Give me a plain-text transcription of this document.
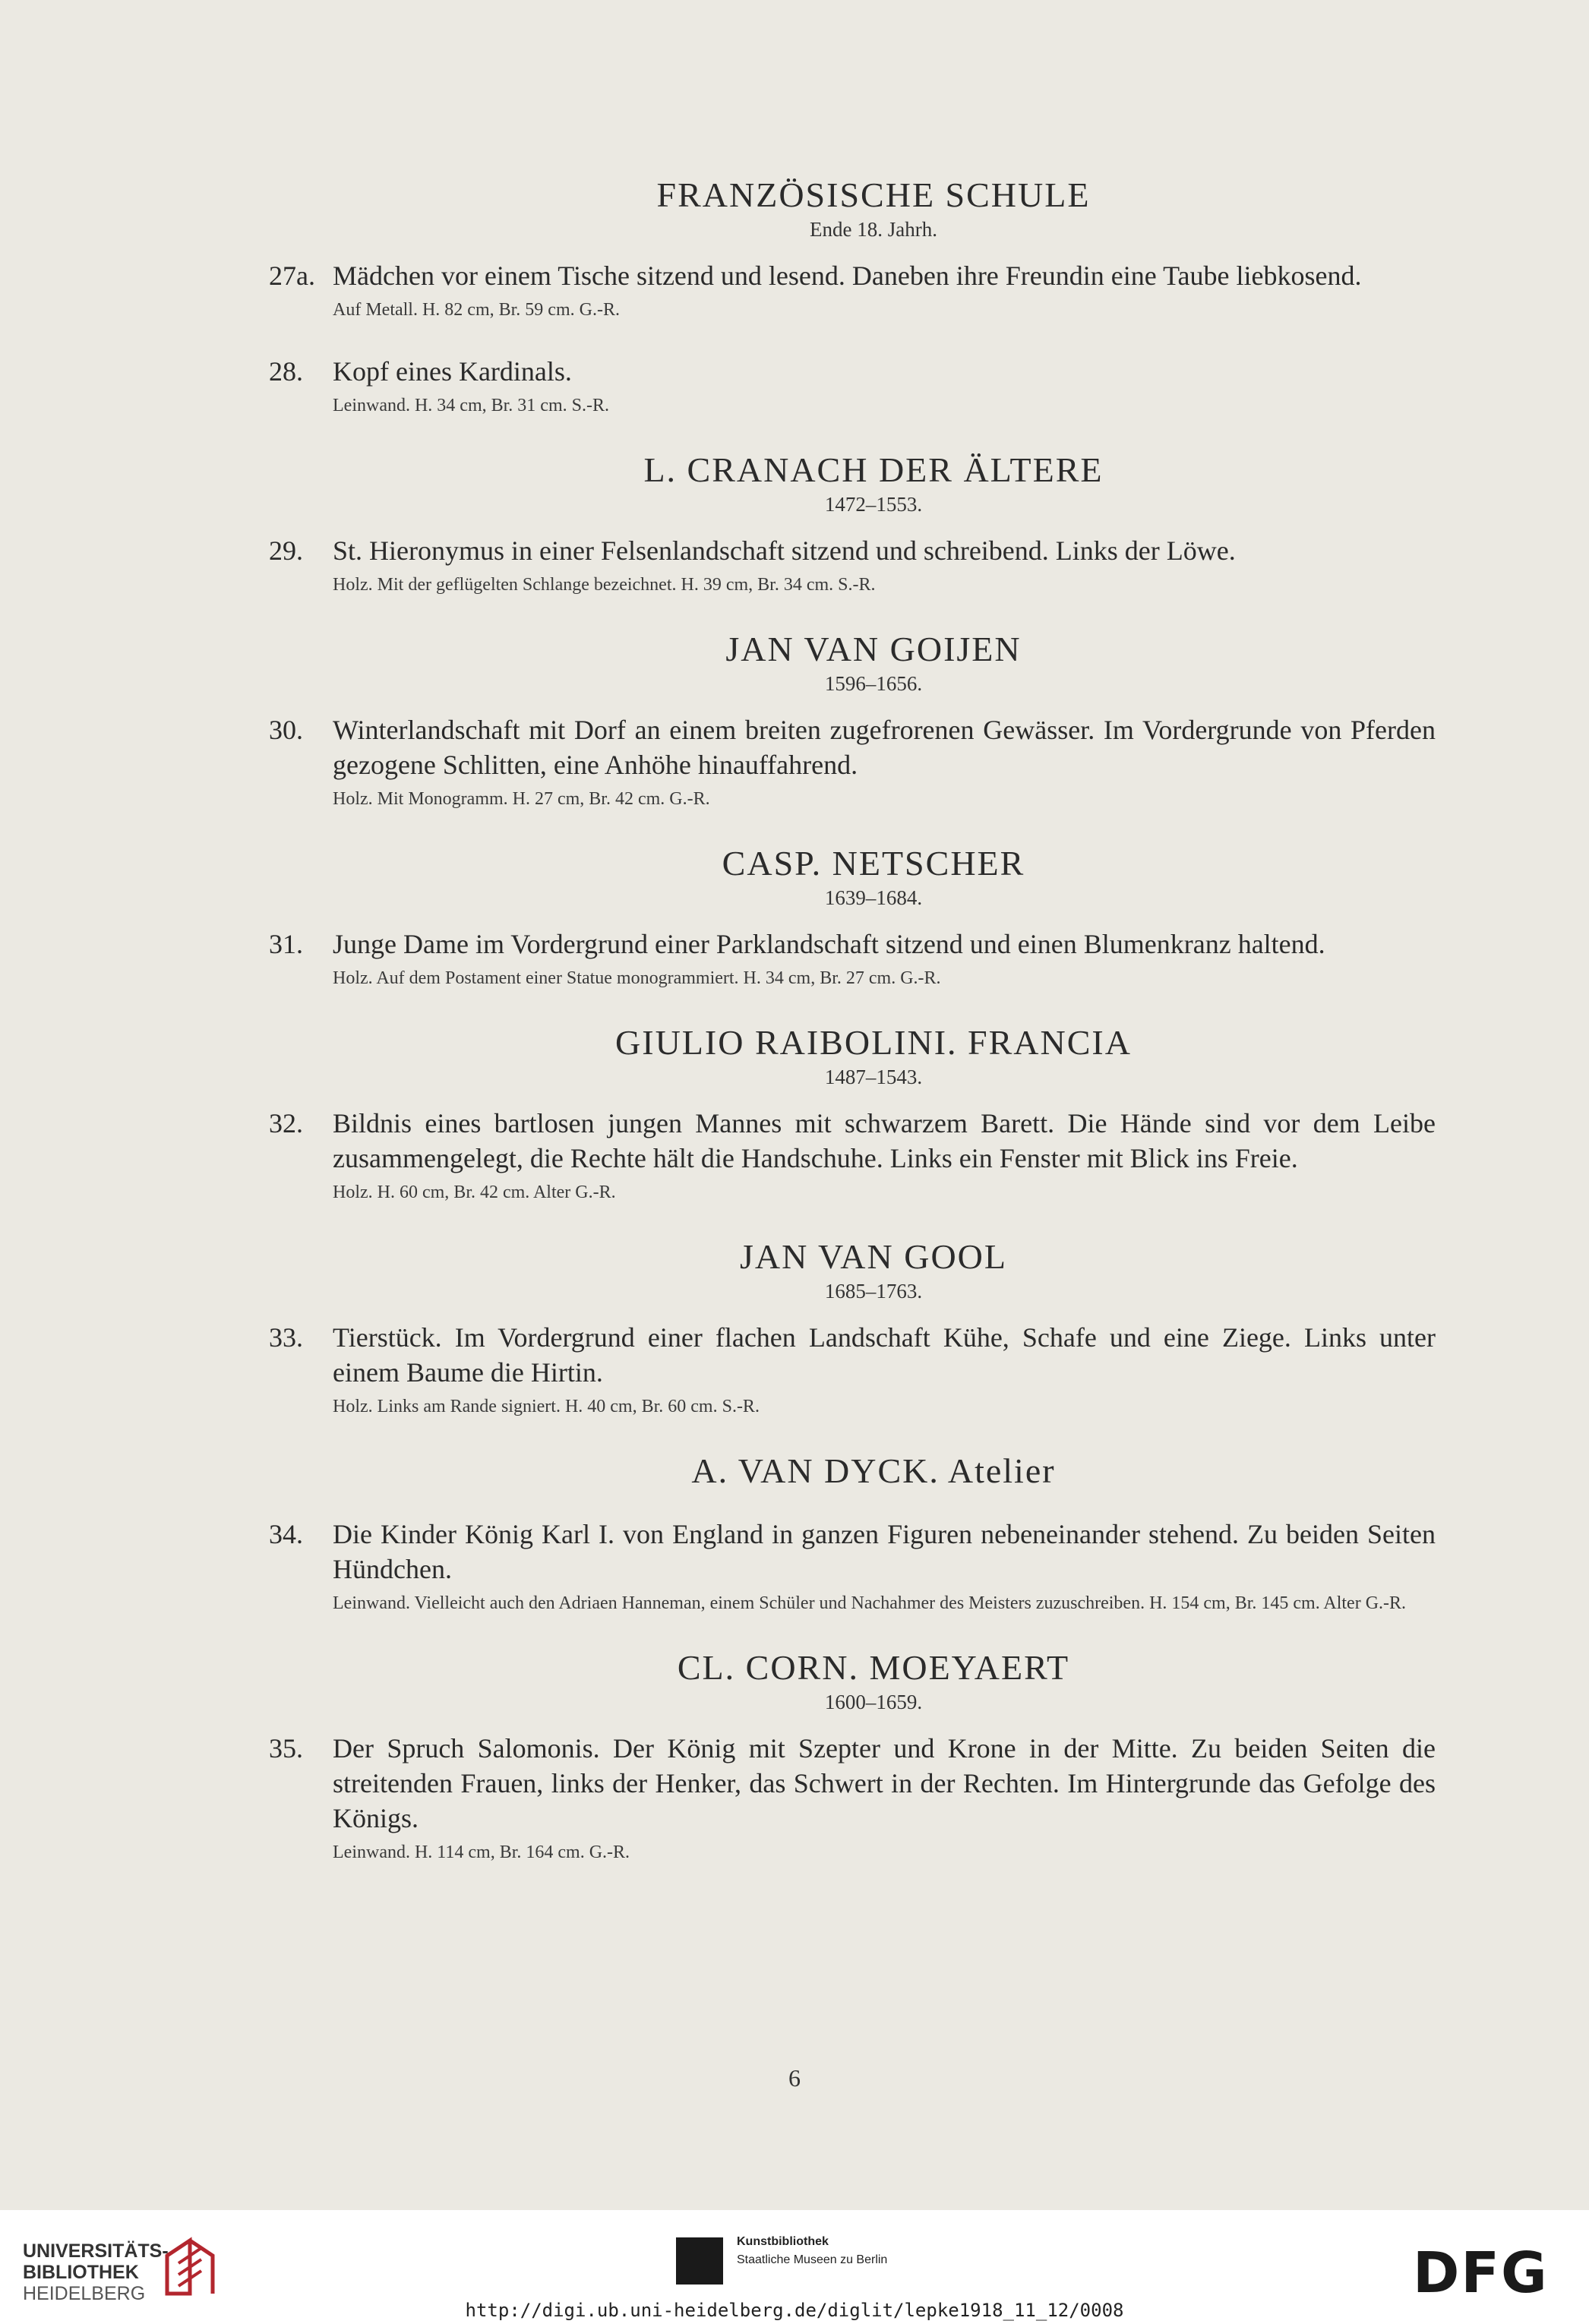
FRANZÖSISCHE SCHULE
Ende 18. Jahrh.
27a. Mädchen vor einem Tische sitzend und lesend. Daneben ihre Freundin eine Taube liebkosend.
Auf Metall. H. 82 cm, Br. 59 cm. G.-R.
28.	Kopf eines Kardinals.
Leinwand. H. 34 cm, Br. 31 cm. S.-R.
L. CRANACH DER ÄLTERE
1472–1553.
29.	St. Hieronymus in einer Felsenlandschaft sitzend und schreibend. Links der Löwe.
Holz. Mit der geflügelten Schlange bezeichnet. H. 39 cm, Br. 34 cm. S.-R.
JAN VAN GOIJEN
1596–1656.
30.	Winterlandschaft mit Dorf an einem breiten zugefrorenen Gewässer. Im Vordergrunde von Pferden gezogene Schlitten, eine Anhöhe hinauffahrend.
Holz. Mit Monogramm. H. 27 cm, Br. 42 cm. G.-R.
CASP. NETSCHER
1639–1684.
31.	Junge Dame im Vordergrund einer Parklandschaft sitzend und einen Blumenkranz haltend.
Holz. Auf dem Postament einer Statue monogrammiert. H. 34 cm, Br. 27 cm. G.-R.
GIULIO RAIBOLINI. FRANCIA
1487–1543.
32.	Bildnis eines bartlosen jungen Mannes mit schwarzem Barett. Die Hände sind vor dem Leibe zusammengelegt, die Rechte hält die Handschuhe. Links ein Fenster mit Blick ins Freie.
Holz. H. 60 cm, Br. 42 cm. Alter G.-R.
JAN VAN GOOL
1685–1763.
33.	Tierstück. Im Vordergrund einer flachen Landschaft Kühe, Schafe und eine Ziege. Links unter einem Baume die Hirtin.
Holz. Links am Rande signiert. H. 40 cm, Br. 60 cm. S.-R.
A. VAN DYCK. Atelier
34.	Die Kinder König Karl I. von England in ganzen Figuren nebeneinander stehend. Zu beiden Seiten Hündchen.
Leinwand. Vielleicht auch den Adriaen Hanneman, einem Schüler und Nachahmer des Meisters zuzuschreiben. H. 154 cm, Br. 145 cm. Alter G.-R.
CL. CORN. MOEYAERT
1600–1659.
35.	Der Spruch Salomonis. Der König mit Szepter und Krone in der Mitte. Zu beiden Seiten die streitenden Frauen, links der Henker, das Schwert in der Rechten. Im Hintergrunde das Gefolge des Königs.
Leinwand. H. 114 cm, Br. 164 cm. G.-R.
6
UNIVERSITÄTS-
BIBLIOTHEK
HEIDELBERG
Kunstbibliothek
Staatliche Museen zu Berlin	DFG
http://digi.ub.uni-heidelberg.de/diglit/lepke1918_11_12/0008
